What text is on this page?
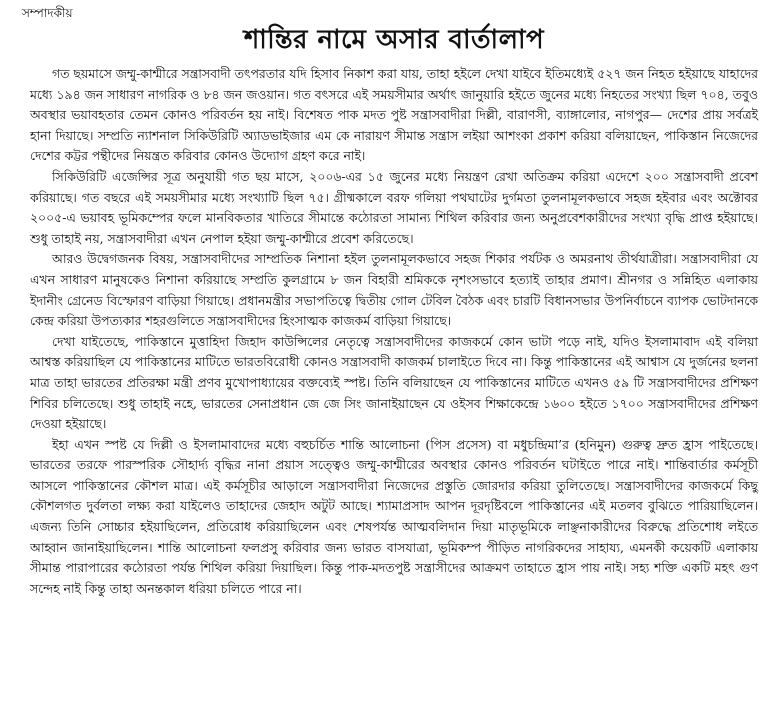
সম্পাদকীয়
শান্তির নামে অসার বার্তালাপ

গত ছয়মাসে জম্মু-কাশ্মীরে সন্ত্রাসবাদী তৎপরতার যদি হিসাব নিকাশ করা যায়, তাহা হইলে দেখা যাইবে ইতিমধ্যেই ৫২৭ জন নিহত হইয়াছে যাহাদের মধ্যে ১৯৪ জন সাধারণ নাগরিক ও ৮৪ জন জওয়ান। গত বৎসরে এই সময়সীমার অর্থাৎ জানুয়ারি হইতে জুনের মধ্যে নিহতের সংখ্যা ছিল ৭০৪, তবুও অবস্থার ভয়াবহতার তেমন কোনও পরিবর্তন হয় নাই। বিশেষত পাক মদত পুষ্ট সন্ত্রাসবাদীরা দিল্লী, বারাণসী, ব্যাঙ্গালোর, নাগপুর— দেশের প্রায় সর্বত্রই হানা দিয়াছে। সম্প্রতি ন্যাশনাল সিকিউরিটি অ্যাডভাইজার এম কে নারায়ণ সীমান্ত সন্ত্রাস লইয়া আশংকা প্রকাশ করিয়া বলিয়াছেন, পাকিস্তান নিজেদের দেশের কট্টর পন্থীদের নিয়ন্ত্রত করিবার কোনও উদ্যোগ গ্রহণ করে নাই।

সিকিউরিটি এজেন্সির সূত্র অনুযায়ী গত ছয় মাসে, ২০০৬-এর ১৫ জুনের মধ্যে নিয়ন্ত্রণ রেখা অতিক্রম করিয়া এদেশে ২০০ সন্ত্রাসবাদী প্রবেশ করিয়াছে। গত বছরে এই সময়সীমার মধ্যে সংখ্যাটি ছিল ৭৫। গ্রীষ্মকালে বরফ গলিয়া পথঘাটের দুর্গমতা তুলনামূলকভাবে সহজ হইবার এবং অক্টোবর ২০০৫-এ ভয়াবহ ভূমিকম্পের ফলে মানবিকতার খাতিরে সীমান্তে কঠোরতা সামান্য শিথিল করিবার জন্য অনুপ্রবেশকারীদের সংখ্যা বৃদ্ধি প্রাপ্ত হইয়াছে। শুধু তাহাই নয়, সন্ত্রাসবাদীরা এখন নেপাল হইয়া জম্মু-কাশ্মীরে প্রবেশ করিতেছে।

আরও উদ্বেগজনক বিষয়, সন্ত্রাসবাদীদের সাম্প্রতিক নিশানা হইল তুলনামূলকভাবে সহজ শিকার পর্যটক ও অমরনাথ তীর্থযাত্রীরা। সন্ত্রাসবাদীরা যে এখন সাধারণ মানুষকেও নিশানা করিয়াছে সম্প্রতি কুলগ্রামে ৮ জন বিহারী শ্রমিককে নৃশংসভাবে হত্যাই তাহার প্রমাণ। শ্রীনগর ও সন্নিহিত এলাকায় ইদানীং গ্রেনেড বিস্ফোরণ বাড়িয়া গিয়াছে। প্রধানমন্ত্রীর সভাপতিত্বে দ্বিতীয় গোল টেবিল বৈঠক এবং চারটি বিধানসভার উপনির্বাচনে ব্যাপক ভোটদানকে কেন্দ্র করিয়া উপত্যকার শহরগুলিতে সন্ত্রাসবাদীদের হিংসাত্মক কাজকর্ম বাড়িয়া গিয়াছে।

দেখা যাইতেছে, পাকিস্তানে মুত্তাহিদা জিহাদ কাউন্সিলের নেতৃত্বে সন্ত্রাসবাদীদের কাজকর্মে কোন ভাটা পড়ে নাই, যদিও ইসলামাবাদ এই বলিয়া আশ্বস্ত করিয়াছিল যে পাকিস্তানের মাটিতে ভারতবিরোধী কোনও সন্ত্রাসবাদী কাজকর্ম চালাইতে দিবে না। কিন্তু পাকিস্তানের এই আশ্বাস যে দুর্জনের ছলনা মাত্র তাহা ভারতের প্রতিরক্ষা মন্ত্রী প্রণব মুখোপাধ্যায়ের বক্তব্যেই স্পষ্ট। তিনি বলিয়াছেন যে পাকিস্তানের মাটিতে এখনও ৫৯ টি সন্ত্রাসবাদীদের প্রশিক্ষণ শিবির চলিতেছে। শুধু তাহাই নহে, ভারতের সেনাপ্রধান জে জে সিং জানাইয়াছেন যে ওইসব শিক্ষাকেন্দ্রে ১৬০০ হইতে ১৭০০ সন্ত্রাসবাদীদের প্রশিক্ষণ দেওয়া হইয়াছে।

ইহা এখন স্পষ্ট যে দিল্লী ও ইসলামাবাদের মধ্যে বহুচর্চিত শান্তি আলোচনা (পিস প্রসেস) বা মধুচন্দ্রিমা’র (হনিমুন) গুরুত্ব দ্রুত হ্রাস পাইতেছে। ভারতের তরফে পারস্পরিক সৌহার্দ্য বৃদ্ধির নানা প্রয়াস সত্ত্বেও জম্মু-কাশ্মীরের অবস্থার কোনও পরিবর্তন ঘটাইতে পারে নাই। শান্তিবার্তার কর্মসূচী আসলে পাকিস্তানের কৌশল মাত্র। এই কর্মসূচীর আড়ালে সন্ত্রাসবাদীরা নিজেদের প্রস্তুতি জোরদার করিয়া তুলিতেছে। সন্ত্রাসবাদীদের কাজকর্মে কিছু কৌশলগত দুর্বলতা লক্ষ্য করা যাইলেও তাহাদের জেহাদ অটুট আছে। শ্যামাপ্রসাদ আপন দূরদৃষ্টিবলে পাকিস্তানের এই মতলব বুঝিতে পারিয়াছিলেন। এজন্য তিনি সোচ্চার হইয়াছিলেন, প্রতিরোধ করিয়াছিলেন এবং শেষপর্যন্ত আত্মবলিদান দিয়া মাতৃভূমিকে লাঞ্ছনাকারীদের বিরুদ্ধে প্রতিশোধ লইতে আহ্বান জানাইয়াছিলেন। শান্তি আলোচনা ফলপ্রসু করিবার জন্য ভারত বাসযাত্রা, ভূমিকম্প পীড়িত নাগরিকদের সাহায্য, এমনকী কয়েকটি এলাকায় সীমান্ত পারাপারের কঠোরতা পর্যন্ত শিথিল করিয়া দিয়াছিল। কিন্তু পাক-মদতপুষ্ট সন্ত্রাসীদের আক্রমণ তাহাতে হ্রাস পায় নাই। সহ্য শক্তি একটি মহৎ গুণ সন্দেহ নাই কিন্তু তাহা অনন্তকাল ধরিয়া চলিতে পারে না।
